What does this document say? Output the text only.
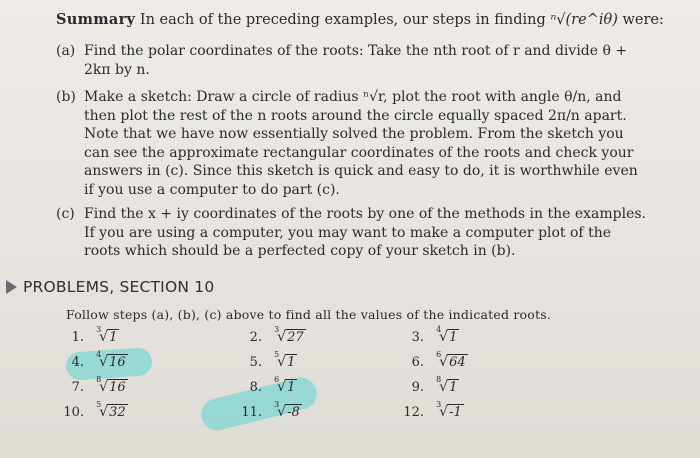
Summary In each of the preceding examples, our steps in finding ⁿ√(re^iθ) were:
(a) Find the polar coordinates of the roots: Take the nth root of r and divide θ + 2kπ by n.
(b) Make a sketch: Draw a circle of radius ⁿ√r, plot the root with angle θ/n, and then plot the rest of the n roots around the circle equally spaced 2π/n apart. Note that we have now essentially solved the problem. From the sketch you can see the approximate rectangular coordinates of the roots and check your answers in (c). Since this sketch is quick and easy to do, it is worthwhile even if you use a computer to do part (c).
(c) Find the x + iy coordinates of the roots by one of the methods in the examples. If you are using a computer, you may want to make a computer plot of the roots which should be a perfected copy of your sketch in (b).
PROBLEMS, SECTION 10
Follow steps (a), (b), (c) above to find all the values of the indicated roots.
1.
3
√ 1	2.
3
√ 27	3.
4
√ 1
4.
4
√ 16	5.
5
√ 1	6.
6
√ 64
7.
8
√ 16	8.
6
√ 1	9.
8
√ 1
10.
5
√ 32	11.
3
√ -8	12.
3
√ -1
